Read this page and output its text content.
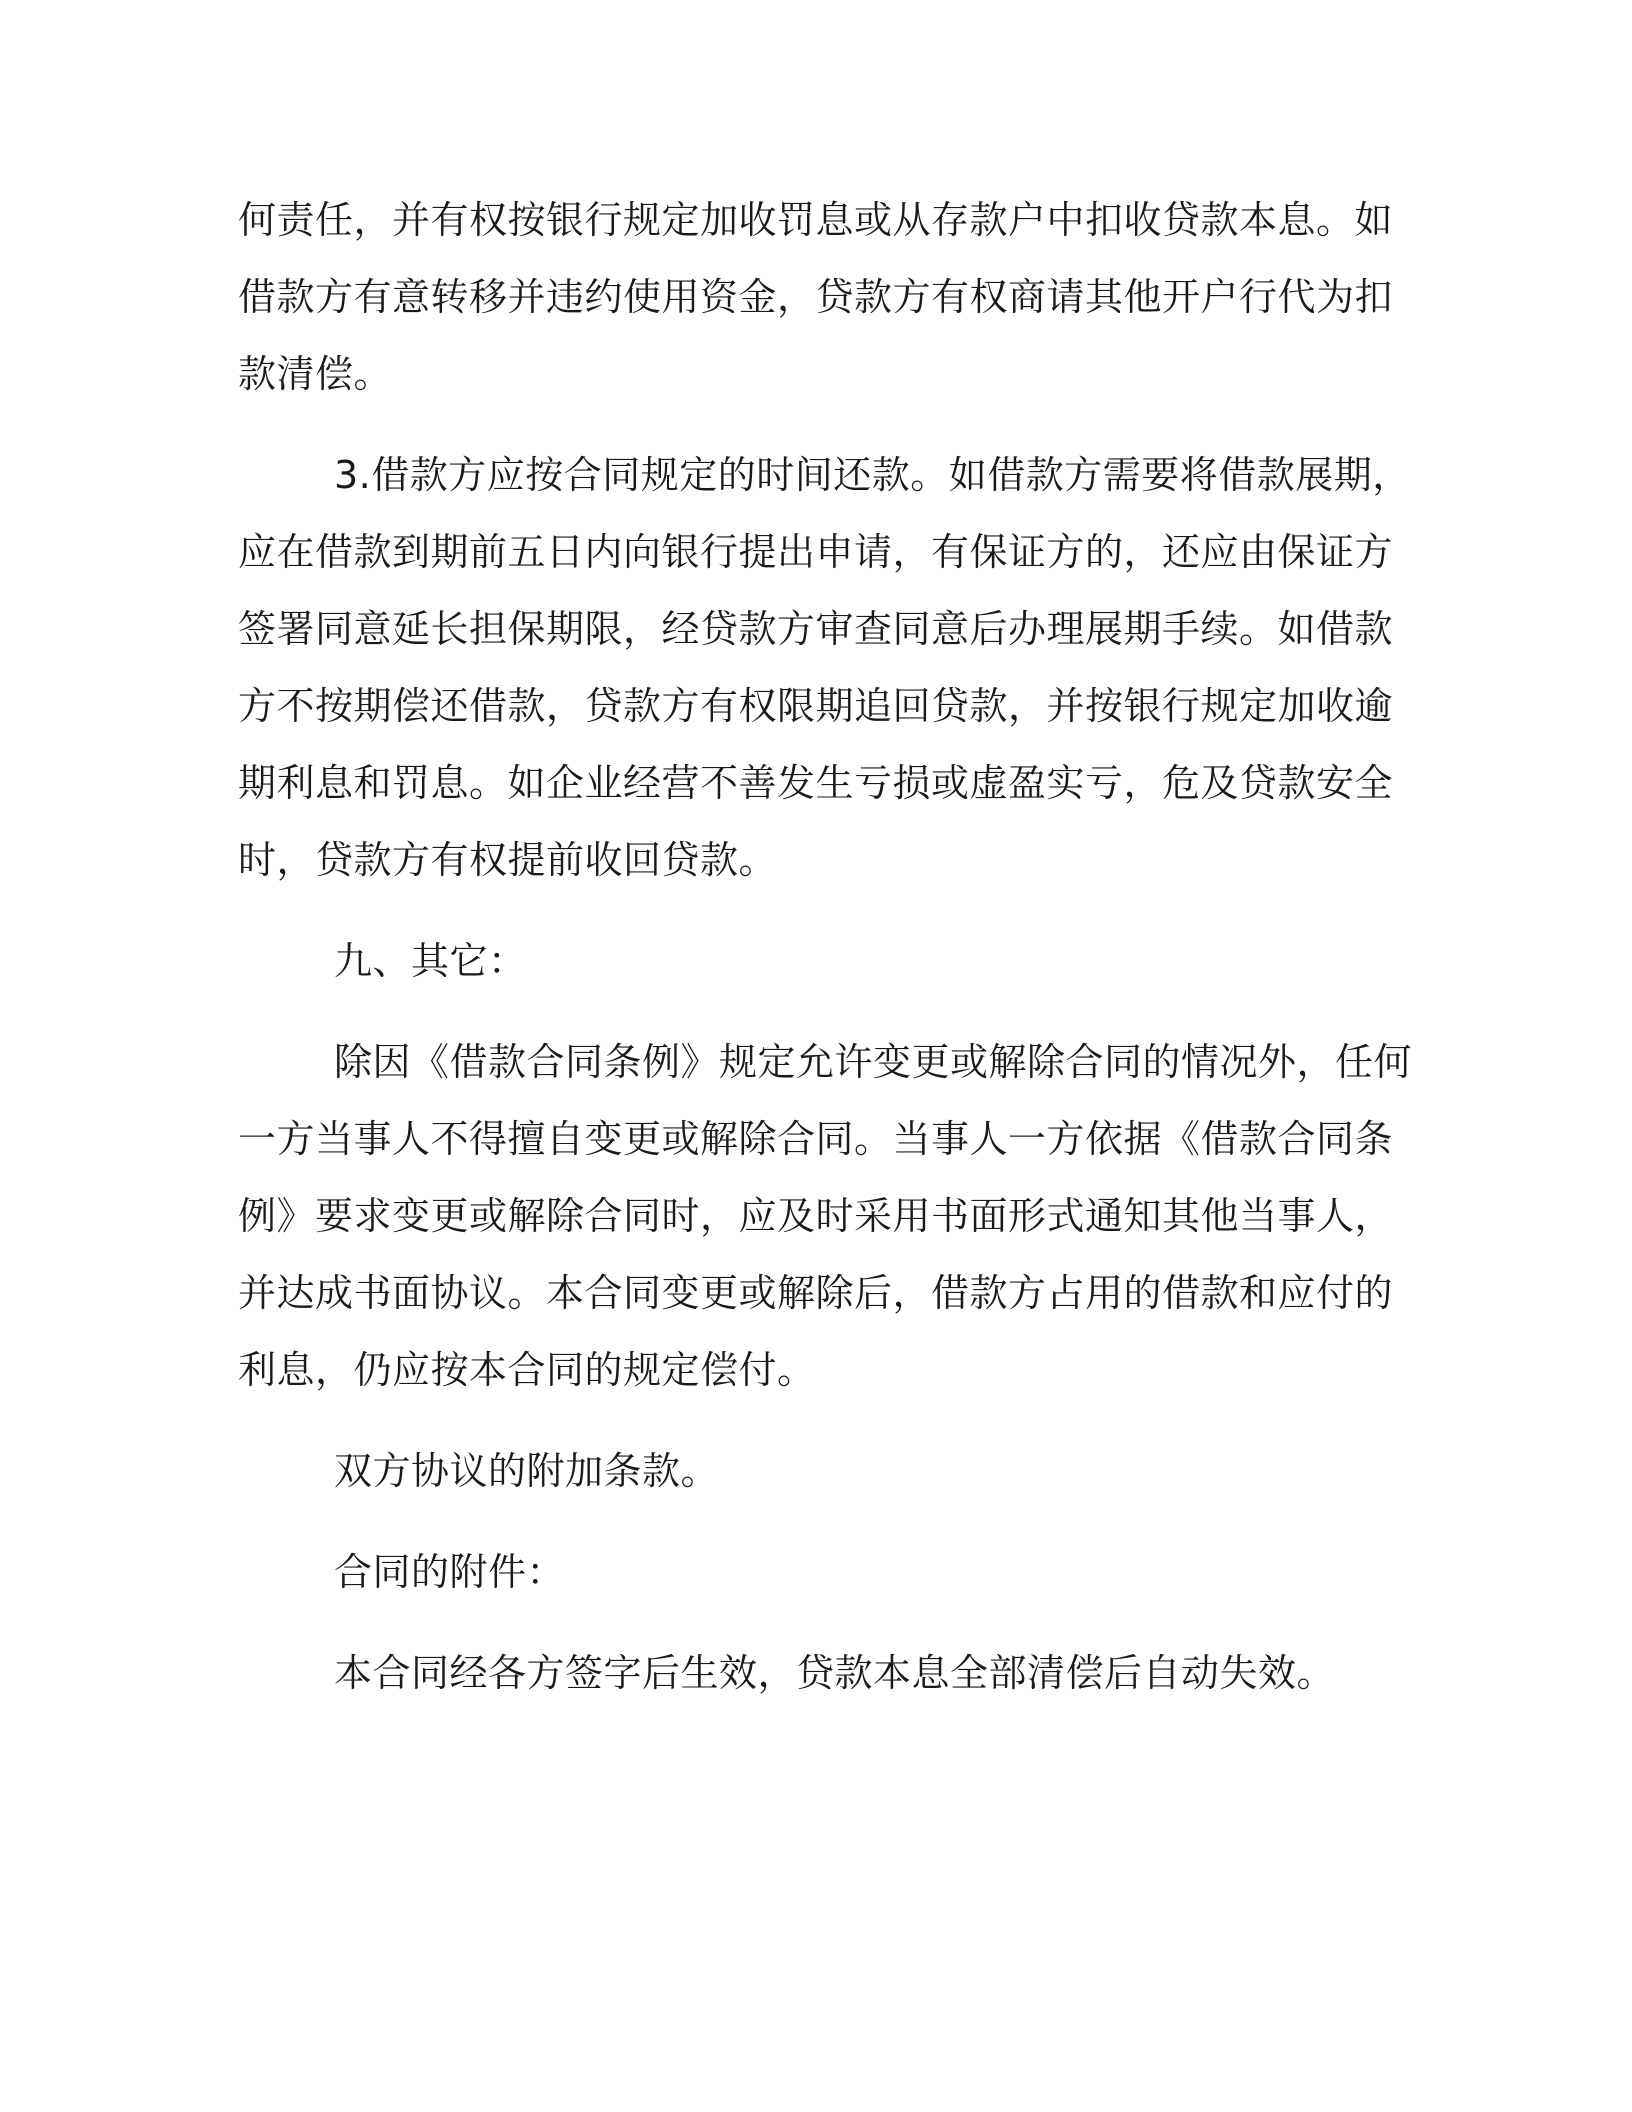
何责任，并有权按银行规定加收罚息或从存款户中扣收贷款本息。如
借款方有意转移并违约使用资金，贷款方有权商请其他开户行代为扣
款清偿。
3.借款方应按合同规定的时间还款。如借款方需要将借款展期，
应在借款到期前五日内向银行提出申请，有保证方的，还应由保证方
签署同意延长担保期限，经贷款方审查同意后办理展期手续。如借款
方不按期偿还借款，贷款方有权限期追回贷款，并按银行规定加收逾
期利息和罚息。如企业经营不善发生亏损或虚盈实亏，危及贷款安全
时，贷款方有权提前收回贷款。
九、其它：
除因《借款合同条例》规定允许变更或解除合同的情况外，任何
一方当事人不得擅自变更或解除合同。当事人一方依据《借款合同条
例》要求变更或解除合同时，应及时采用书面形式通知其他当事人，
并达成书面协议。本合同变更或解除后，借款方占用的借款和应付的
利息，仍应按本合同的规定偿付。
双方协议的附加条款。
合同的附件：
本合同经各方签字后生效，贷款本息全部清偿后自动失效。
